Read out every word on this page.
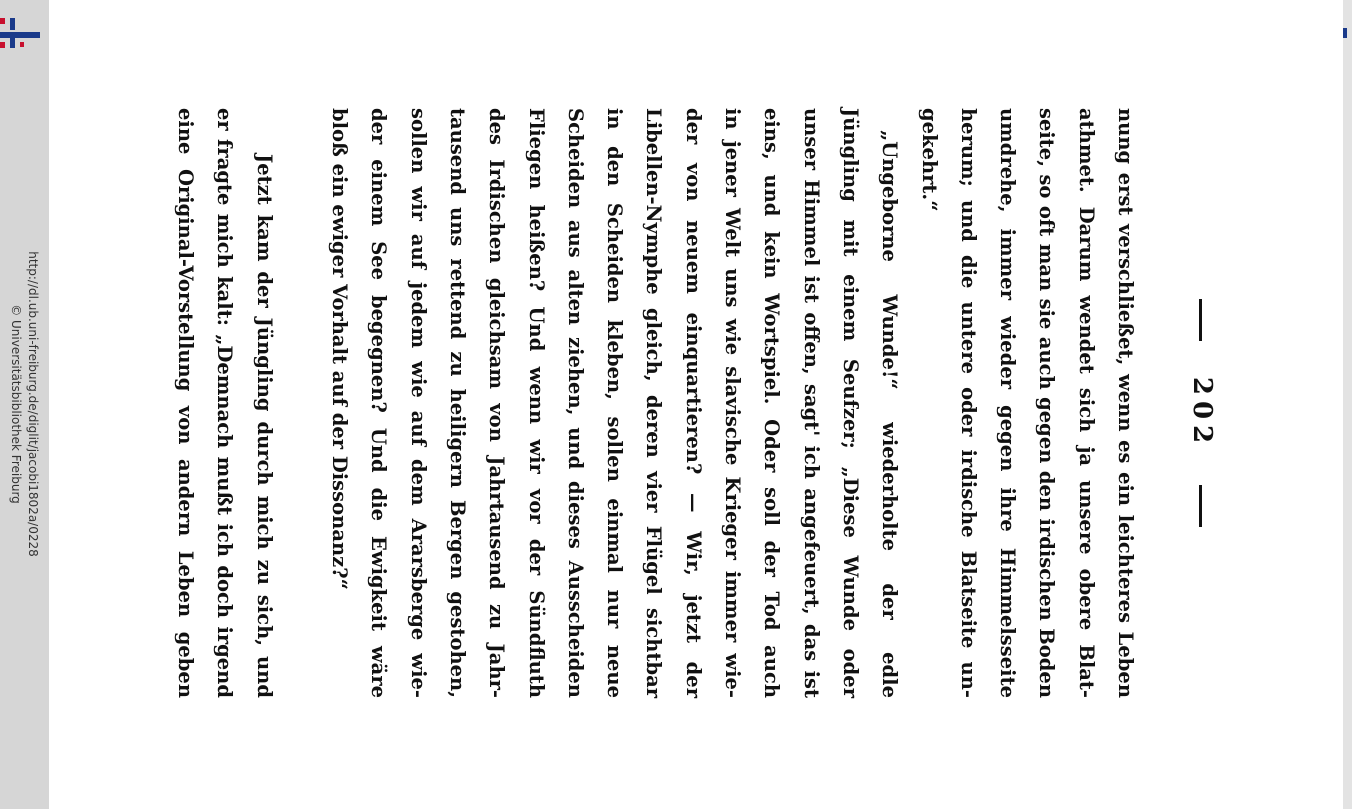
http://dl.ub.uni-freiburg.de/diglit/jacobi1802a/0228
© Universitätsbibliothek Freiburg	202
nung erst verschließet, wenn es ein leichteres Leben
athmet. Darum wendet sich ja unsere obere Blat-
seite, so oft man sie auch gegen den irdischen Boden
umdrehe, immer wieder gegen ihre Himmelsseite
herum; und die untere oder irdische Blatseite un-
gekehrt.“
„Ungeborne Wunde!“ wiederholte der edle
Jüngling mit einem Seufzer; „Diese Wunde oder
unser Himmel ist offen, sagt' ich angefeuert, das ist
eins, und kein Wortspiel. Oder soll der Tod auch
in jener Welt uns wie slavische Krieger immer wie-
der von neuem einquartieren? — Wir, jetzt der
Libellen-Nymphe gleich, deren vier Flügel sichtbar
in den Scheiden kleben, sollen einmal nur neue
Scheiden aus alten ziehen, und dieses Ausscheiden
Fliegen heißen? Und wenn wir vor der Sündfluth
des Irdischen gleichsam von Jahrtausend zu Jahr-
tausend uns rettend zu heiligern Bergen gestohen,
sollen wir auf jedem wie auf dem Ararsberge wie-
der einem See begegnen? Und die Ewigkeit wäre
bloß ein ewiger Vorhalt auf der Dissonanz?“
Jetzt kam der Jüngling durch mich zu sich, und
er fragte mich kalt: „Demnach mußt ich doch irgend
eine Original-Vorstellung von andern Leben geben
